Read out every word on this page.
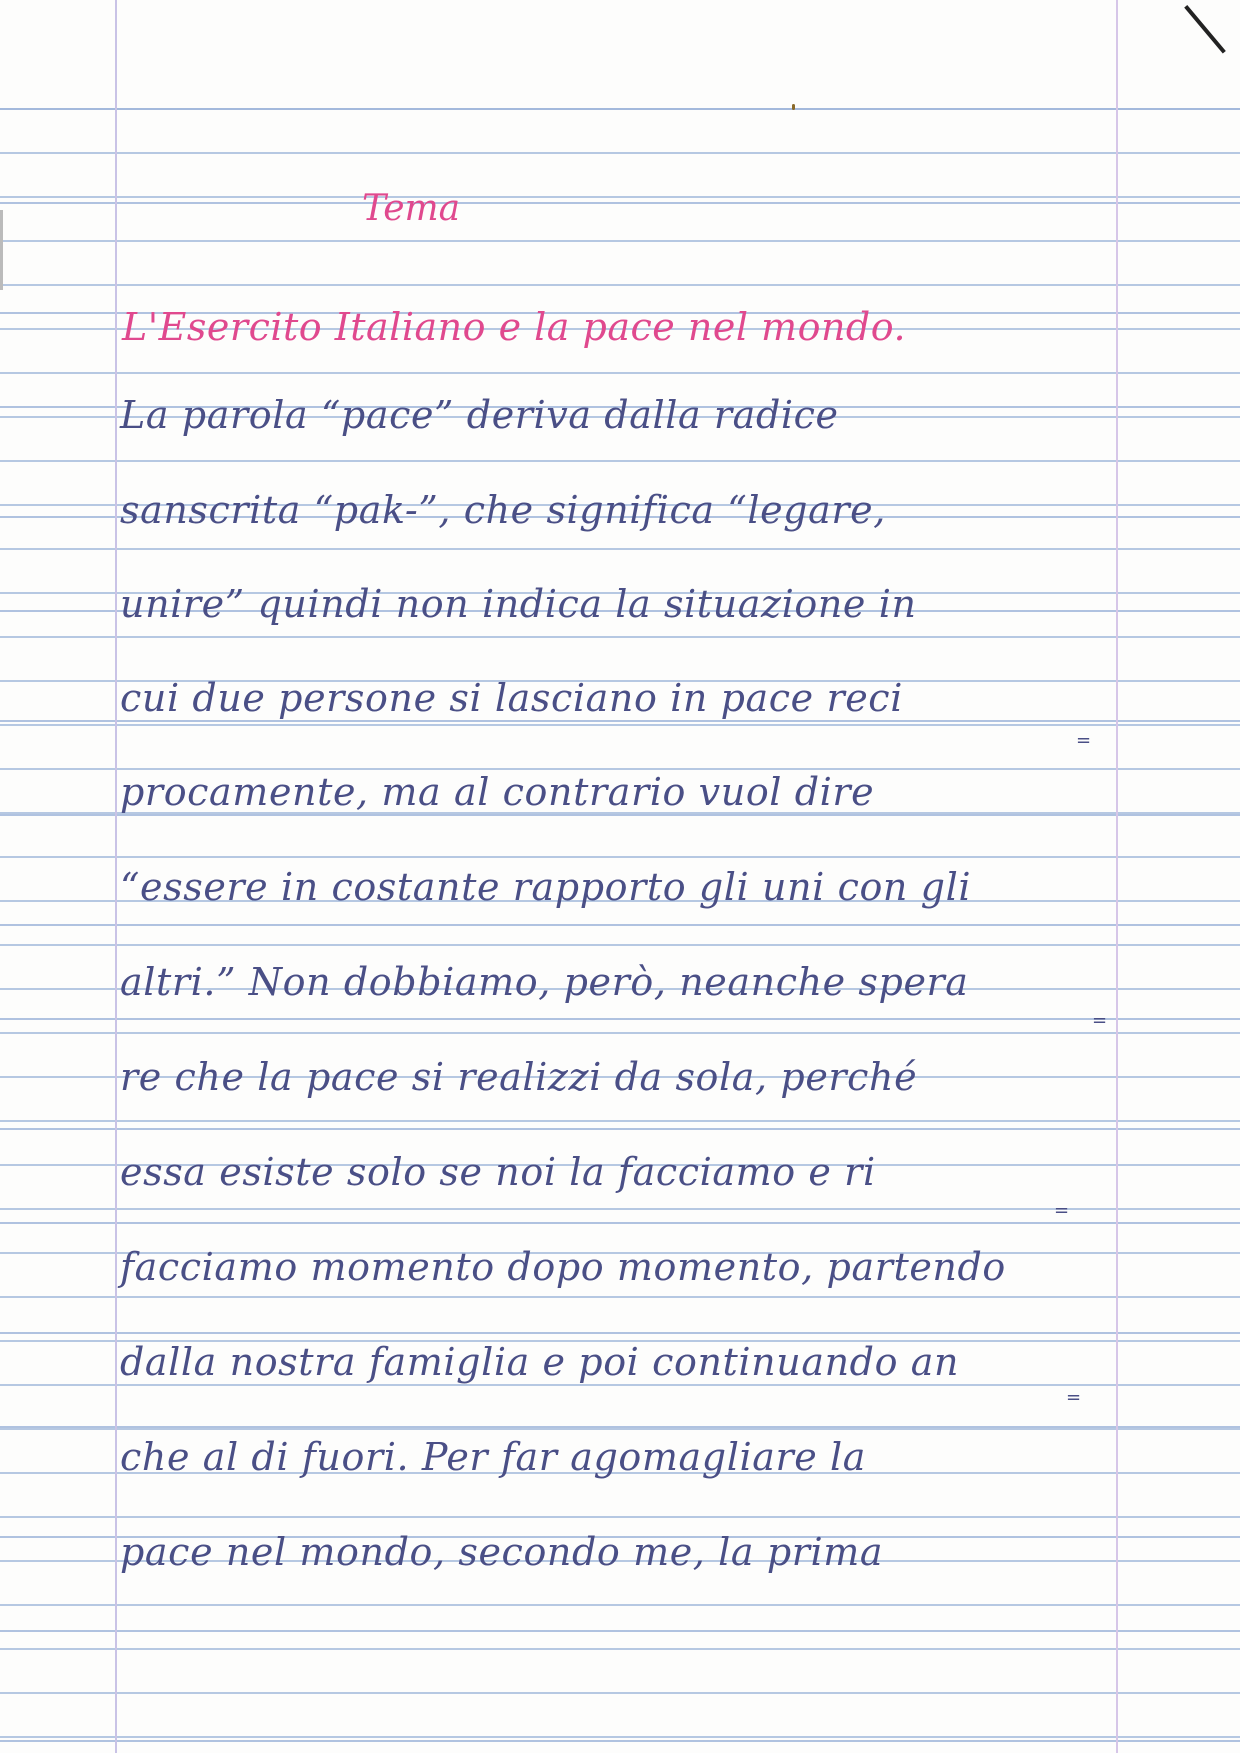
Tema
L'Esercito Italiano e la pace nel mondo.
La parola “pace” deriva dalla radice
sanscrita “pak-”, che significa “legare,
unire” quindi non indica la situazione in
cui due persone si lasciano in pace reci
procamente, ma al contrario vuol dire
“essere in costante rapporto gli uni con gli
altri.” Non dobbiamo, però, neanche spera
re che la pace si realizzi da sola, perché
essa esiste solo se noi la facciamo e ri
facciamo momento dopo momento, partendo
dalla nostra famiglia e poi continuando an
che al di fuori. Per far agomagliare la
pace nel mondo, secondo me, la prima
=
=
=
=
